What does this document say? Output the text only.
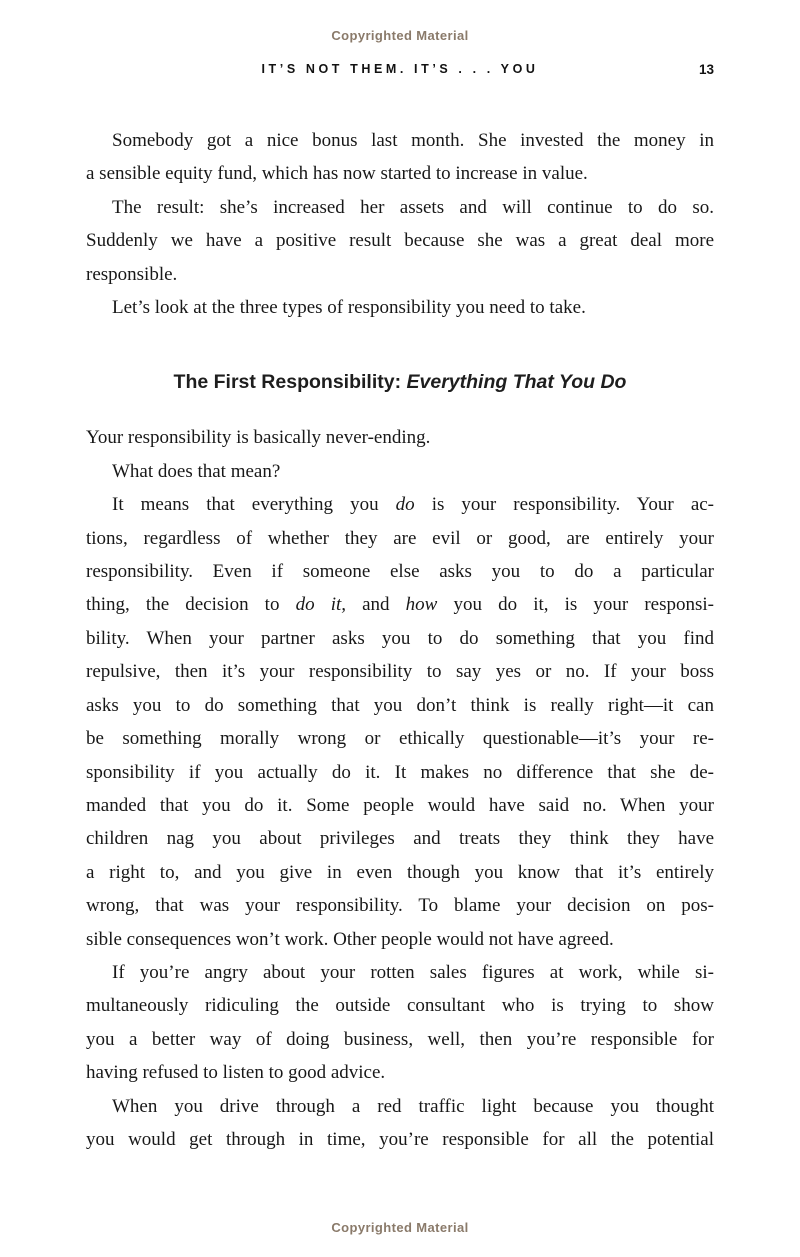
Copyrighted Material
IT’S NOT THEM. IT’S . . . YOU	13
Somebody got a nice bonus last month. She invested the money in
a sensible equity fund, which has now started to increase in value.
The result: she’s increased her assets and will continue to do so.
Suddenly we have a positive result because she was a great deal more
responsible.
Let’s look at the three types of responsibility you need to take.
The First Responsibility: Everything That You Do
Your responsibility is basically never-ending.
What does that mean?
It means that everything you do is your responsibility. Your ac-
tions, regardless of whether they are evil or good, are entirely your
responsibility. Even if someone else asks you to do a particular
thing, the decision to do it, and how you do it, is your responsi-
bility. When your partner asks you to do something that you find
repulsive, then it’s your responsibility to say yes or no. If your boss
asks you to do something that you don’t think is really right—it can
be something morally wrong or ethically questionable—it’s your re-
sponsibility if you actually do it. It makes no difference that she de-
manded that you do it. Some people would have said no. When your
children nag you about privileges and treats they think they have
a right to, and you give in even though you know that it’s entirely
wrong, that was your responsibility. To blame your decision on pos-
sible consequences won’t work. Other people would not have agreed.
If you’re angry about your rotten sales figures at work, while si-
multaneously ridiculing the outside consultant who is trying to show
you a better way of doing business, well, then you’re responsible for
having refused to listen to good advice.
When you drive through a red traffic light because you thought
you would get through in time, you’re responsible for all the potential
Copyrighted Material
